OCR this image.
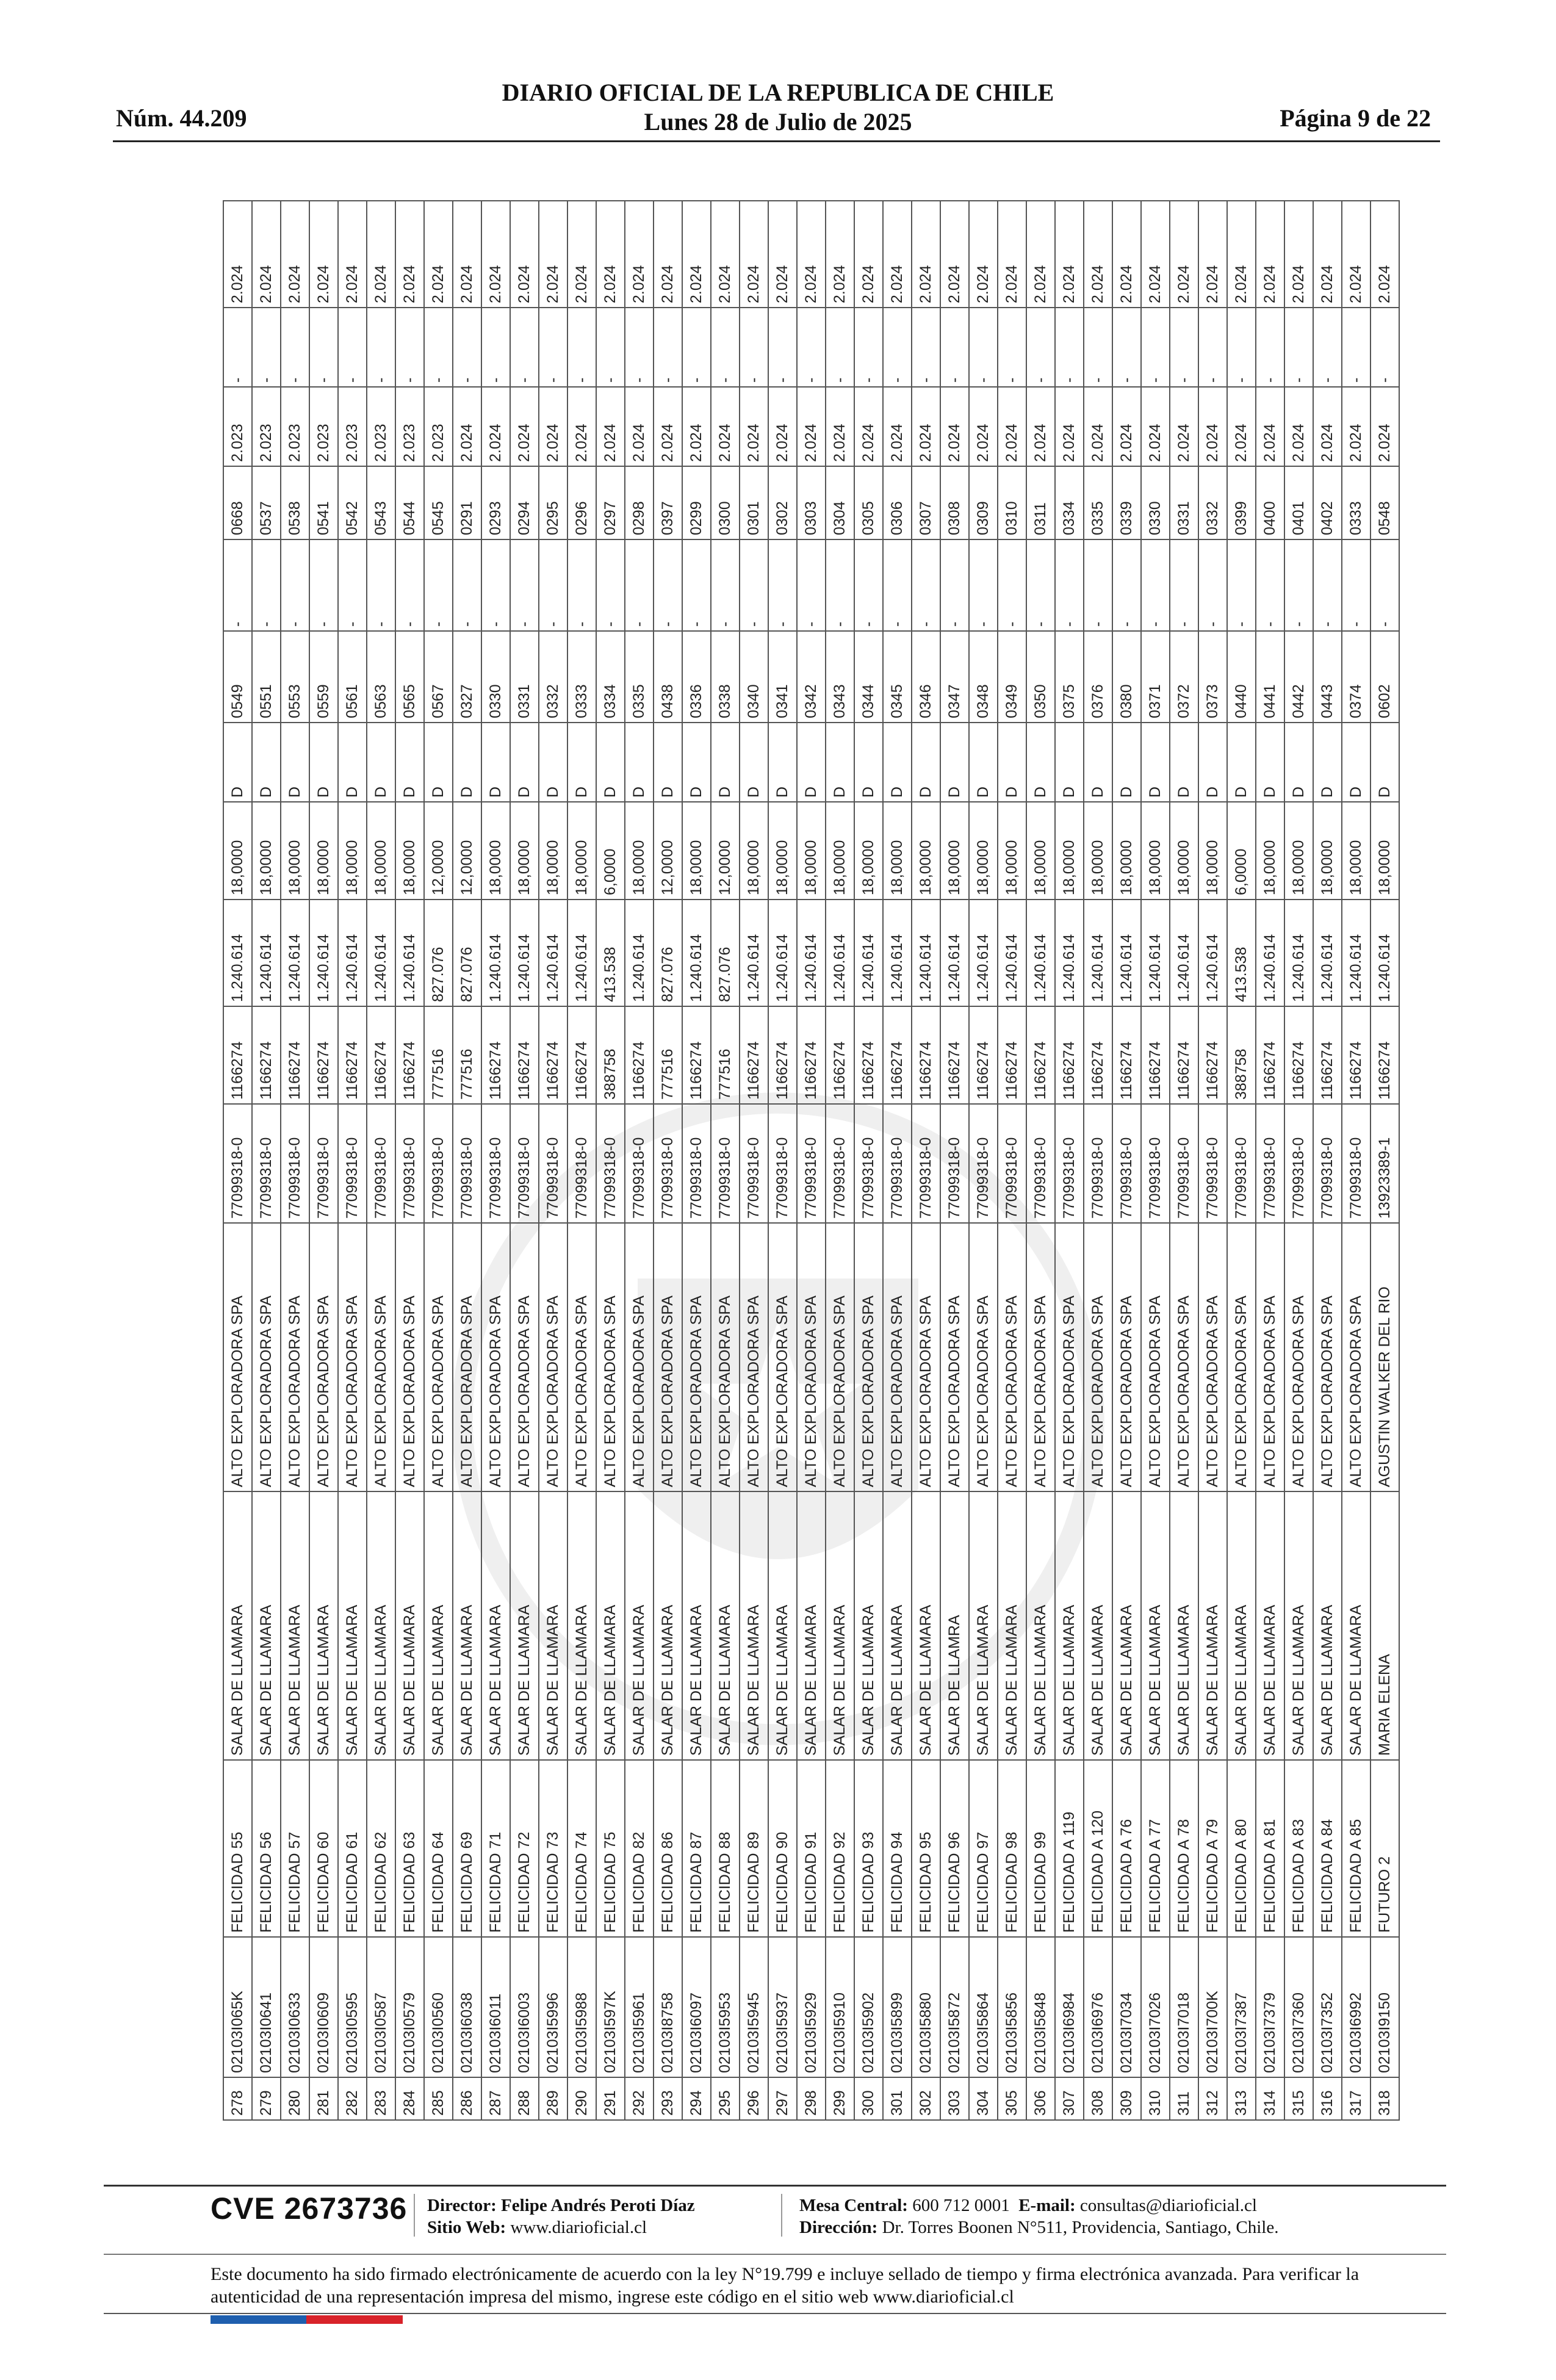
Núm. 44.209
DIARIO OFICIAL DE LA REPUBLICA DE CHILE
Lunes 28 de Julio de 2025	Página 9 de 22
278	02103I065K	FELICIDAD 55	SALAR DE LLAMARA	ALTO EXPLORADORA SPA	77099318-0	1166274	1.240.614	18,0000	D	0549	-	0668	2.023	-	2.024
279	02103I0641	FELICIDAD 56	SALAR DE LLAMARA	ALTO EXPLORADORA SPA	77099318-0	1166274	1.240.614	18,0000	D	0551	-	0537	2.023	-	2.024
280	02103I0633	FELICIDAD 57	SALAR DE LLAMARA	ALTO EXPLORADORA SPA	77099318-0	1166274	1.240.614	18,0000	D	0553	-	0538	2.023	-	2.024
281	02103I0609	FELICIDAD 60	SALAR DE LLAMARA	ALTO EXPLORADORA SPA	77099318-0	1166274	1.240.614	18,0000	D	0559	-	0541	2.023	-	2.024
282	02103I0595	FELICIDAD 61	SALAR DE LLAMARA	ALTO EXPLORADORA SPA	77099318-0	1166274	1.240.614	18,0000	D	0561	-	0542	2.023	-	2.024
283	02103I0587	FELICIDAD 62	SALAR DE LLAMARA	ALTO EXPLORADORA SPA	77099318-0	1166274	1.240.614	18,0000	D	0563	-	0543	2.023	-	2.024
284	02103I0579	FELICIDAD 63	SALAR DE LLAMARA	ALTO EXPLORADORA SPA	77099318-0	1166274	1.240.614	18,0000	D	0565	-	0544	2.023	-	2.024
285	02103I0560	FELICIDAD 64	SALAR DE LLAMARA	ALTO EXPLORADORA SPA	77099318-0	777516	827.076	12,0000	D	0567	-	0545	2.023	-	2.024
286	02103I6038	FELICIDAD 69	SALAR DE LLAMARA	ALTO EXPLORADORA SPA	77099318-0	777516	827.076	12,0000	D	0327	-	0291	2.024	-	2.024
287	02103I6011	FELICIDAD 71	SALAR DE LLAMARA	ALTO EXPLORADORA SPA	77099318-0	1166274	1.240.614	18,0000	D	0330	-	0293	2.024	-	2.024
288	02103I6003	FELICIDAD 72	SALAR DE LLAMARA	ALTO EXPLORADORA SPA	77099318-0	1166274	1.240.614	18,0000	D	0331	-	0294	2.024	-	2.024
289	02103I5996	FELICIDAD 73	SALAR DE LLAMARA	ALTO EXPLORADORA SPA	77099318-0	1166274	1.240.614	18,0000	D	0332	-	0295	2.024	-	2.024
290	02103I5988	FELICIDAD 74	SALAR DE LLAMARA	ALTO EXPLORADORA SPA	77099318-0	1166274	1.240.614	18,0000	D	0333	-	0296	2.024	-	2.024
291	02103I597K	FELICIDAD 75	SALAR DE LLAMARA	ALTO EXPLORADORA SPA	77099318-0	388758	413.538	6,0000	D	0334	-	0297	2.024	-	2.024
292	02103I5961	FELICIDAD 82	SALAR DE LLAMARA	ALTO EXPLORADORA SPA	77099318-0	1166274	1.240.614	18,0000	D	0335	-	0298	2.024	-	2.024
293	02103I8758	FELICIDAD 86	SALAR DE LLAMARA	ALTO EXPLORADORA SPA	77099318-0	777516	827.076	12,0000	D	0438	-	0397	2.024	-	2.024
294	02103I6097	FELICIDAD 87	SALAR DE LLAMARA	ALTO EXPLORADORA SPA	77099318-0	1166274	1.240.614	18,0000	D	0336	-	0299	2.024	-	2.024
295	02103I5953	FELICIDAD 88	SALAR DE LLAMARA	ALTO EXPLORADORA SPA	77099318-0	777516	827.076	12,0000	D	0338	-	0300	2.024	-	2.024
296	02103I5945	FELICIDAD 89	SALAR DE LLAMARA	ALTO EXPLORADORA SPA	77099318-0	1166274	1.240.614	18,0000	D	0340	-	0301	2.024	-	2.024
297	02103I5937	FELICIDAD 90	SALAR DE LLAMARA	ALTO EXPLORADORA SPA	77099318-0	1166274	1.240.614	18,0000	D	0341	-	0302	2.024	-	2.024
298	02103I5929	FELICIDAD 91	SALAR DE LLAMARA	ALTO EXPLORADORA SPA	77099318-0	1166274	1.240.614	18,0000	D	0342	-	0303	2.024	-	2.024
299	02103I5910	FELICIDAD 92	SALAR DE LLAMARA	ALTO EXPLORADORA SPA	77099318-0	1166274	1.240.614	18,0000	D	0343	-	0304	2.024	-	2.024
300	02103I5902	FELICIDAD 93	SALAR DE LLAMARA	ALTO EXPLORADORA SPA	77099318-0	1166274	1.240.614	18,0000	D	0344	-	0305	2.024	-	2.024
301	02103I5899	FELICIDAD 94	SALAR DE LLAMARA	ALTO EXPLORADORA SPA	77099318-0	1166274	1.240.614	18,0000	D	0345	-	0306	2.024	-	2.024
302	02103I5880	FELICIDAD 95	SALAR DE LLAMARA	ALTO EXPLORADORA SPA	77099318-0	1166274	1.240.614	18,0000	D	0346	-	0307	2.024	-	2.024
303	02103I5872	FELICIDAD 96	SALAR DE LLAMRA	ALTO EXPLORADORA SPA	77099318-0	1166274	1.240.614	18,0000	D	0347	-	0308	2.024	-	2.024
304	02103I5864	FELICIDAD 97	SALAR DE LLAMARA	ALTO EXPLORADORA SPA	77099318-0	1166274	1.240.614	18,0000	D	0348	-	0309	2.024	-	2.024
305	02103I5856	FELICIDAD 98	SALAR DE LLAMARA	ALTO EXPLORADORA SPA	77099318-0	1166274	1.240.614	18,0000	D	0349	-	0310	2.024	-	2.024
306	02103I5848	FELICIDAD 99	SALAR DE LLAMARA	ALTO EXPLORADORA SPA	77099318-0	1166274	1.240.614	18,0000	D	0350	-	0311	2.024	-	2.024
307	02103I6984	FELICIDAD A 119	SALAR DE LLAMARA	ALTO EXPLORADORA SPA	77099318-0	1166274	1.240.614	18,0000	D	0375	-	0334	2.024	-	2.024
308	02103I6976	FELICIDAD A 120	SALAR DE LLAMARA	ALTO EXPLORADORA SPA	77099318-0	1166274	1.240.614	18,0000	D	0376	-	0335	2.024	-	2.024
309	02103I7034	FELICIDAD A 76	SALAR DE LLAMARA	ALTO EXPLORADORA SPA	77099318-0	1166274	1.240.614	18,0000	D	0380	-	0339	2.024	-	2.024
310	02103I7026	FELICIDAD A 77	SALAR DE LLAMARA	ALTO EXPLORADORA SPA	77099318-0	1166274	1.240.614	18,0000	D	0371	-	0330	2.024	-	2.024
311	02103I7018	FELICIDAD A 78	SALAR DE LLAMARA	ALTO EXPLORADORA SPA	77099318-0	1166274	1.240.614	18,0000	D	0372	-	0331	2.024	-	2.024
312	02103I700K	FELICIDAD A 79	SALAR DE LLAMARA	ALTO EXPLORADORA SPA	77099318-0	1166274	1.240.614	18,0000	D	0373	-	0332	2.024	-	2.024
313	02103I7387	FELICIDAD A 80	SALAR DE LLAMARA	ALTO EXPLORADORA SPA	77099318-0	388758	413.538	6,0000	D	0440	-	0399	2.024	-	2.024
314	02103I7379	FELICIDAD A 81	SALAR DE LLAMARA	ALTO EXPLORADORA SPA	77099318-0	1166274	1.240.614	18,0000	D	0441	-	0400	2.024	-	2.024
315	02103I7360	FELICIDAD A 83	SALAR DE LLAMARA	ALTO EXPLORADORA SPA	77099318-0	1166274	1.240.614	18,0000	D	0442	-	0401	2.024	-	2.024
316	02103I7352	FELICIDAD A 84	SALAR DE LLAMARA	ALTO EXPLORADORA SPA	77099318-0	1166274	1.240.614	18,0000	D	0443	-	0402	2.024	-	2.024
317	02103I6992	FELICIDAD A 85	SALAR DE LLAMARA	ALTO EXPLORADORA SPA	77099318-0	1166274	1.240.614	18,0000	D	0374	-	0333	2.024	-	2.024
318	02103I9150	FUTURO 2	MARIA ELENA	AGUSTIN WALKER DEL RIO	13923389-1	1166274	1.240.614	18,0000	D	0602	-	0548	2.024	-	2.024
CVE 2673736 Director: Felipe Andrés Peroti Díaz
Sitio Web: www.diarioficial.cl
Mesa Central: 600 712 0001 E-mail: consultas@diarioficial.cl
Dirección: Dr. Torres Boonen N°511, Providencia, Santiago, Chile.
Este documento ha sido firmado electrónicamente de acuerdo con la ley N°19.799 e incluye sellado de tiempo y firma electrónica avanzada. Para verificar la autenticidad de una representación impresa del mismo, ingrese este código en el sitio web www.diarioficial.cl
